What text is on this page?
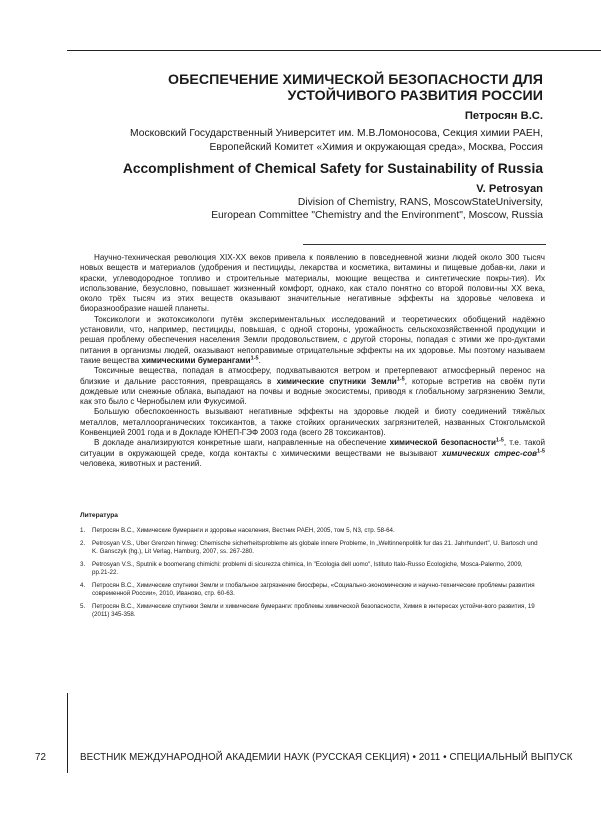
ОБЕСПЕЧЕНИЕ ХИМИЧЕСКОЙ БЕЗОПАСНОСТИ ДЛЯ УСТОЙЧИВОГО РАЗВИТИЯ РОССИИ
Петросян В.С.
Московский Государственный Университет им. М.В.Ломоносова, Секция химии РАЕН,
Европейский Комитет «Химия и окружающая среда», Москва, Россия
Accomplishment of Chemical Safety for Sustainability of Russia
V. Petrosyan
Division of Chemistry, RANS, MoscowStateUniversity,
European Committee "Chemistry and the Environment", Moscow, Russia

Научно-техническая революция XIX-XX веков привела к появлению в повседневной жизни людей около 300 тысяч новых веществ и материалов (удобрения и пестициды, лекарства и косметика, витамины и пищевые добав-ки, лаки и краски, углеводородное топливо и строительные материалы, моющие вещества и синтетические покры-тия). Их использование, безусловно, повышает жизненный комфорт, однако, как стало понятно со второй полови-ны XX века, около трёх тысяч из этих веществ оказывают значительные негативные эффекты на здоровье человека и биоразнообразие нашей планеты.

Токсикологи и экотоксикологи путём экспериментальных исследований и теоретических обобщений надёжно установили, что, например, пестициды, повышая, с одной стороны, урожайность сельскохозяйственной продукции и решая проблему обеспечения населения Земли продовольствием, с другой стороны, попадая с этими же про-дуктами питания в организмы людей, оказывают непоправимые отрицательные эффекты на их здоровье. Мы поэтому называем такие вещества химическими бумерангами$^{1-5}$.

Токсичные вещества, попадая в атмосферу, подхватываются ветром и претерпевают атмосферный перенос на близкие и дальние расстояния, превращаясь в химические спутники Земли$^{1-5}$, которые встретив на своём пути дождевые или снежные облака, выпадают на почвы и водные экосистемы, приводя к глобальному загрязнению Земли, как это было с Чернобылем или Фукусимой.

Большую обеспокоенность вызывают негативные эффекты на здоровье людей и биоту соединений тяжёлых металлов, металлоорганических токсикантов, а также стойких органических загрязнителей, названных Стокгольмской Конвенцией 2001 года и в Докладе ЮНЕП-ГЭФ 2003 года (всего 28 токсикантов).

В докладе анализируются конкретные шаги, направленные на обеспечение химической безопасности$^{1-5}$, т.е. такой ситуации в окружающей среде, когда контакты с химическими веществами не вызывают химических стрес-сов$^{1-5}$ человека, животных и растений.

Литература
1.	Петросян В.С., Химические бумеранги и здоровье населения, Вестник РАЕН, 2005, том 5, N3, стр. 58-64.
2.	Petrosyan V.S., Uber Grenzen hinweg: Chemische sicherheitsprobleme als globale innere Probleme, In „Weltinnenpolitik fur das 21. Jahrhundert", U. Bartosch und K. Gansczyk (hg.), Lit Verlag, Hamburg, 2007, ss. 267-280.
3.	Petrosyan V.S., Sputnik e boomerang chimichi: problemi di sicurezza chimica, In "Ecologia dell uomo", Istituto Italo-Russo Ecologiche, Mosca-Palermo, 2009, pp.21-22.
4.	Петросян В.С., Химические спутники Земли и глобальное загрязнение биосферы, «Социально-экономические и научно-технические проблемы развития современной России», 2010, Иваново, стр. 60-63.
5.	Петросян В.С., Химические спутники Земли и химические бумеранги: проблемы химической безопасности, Химия в интересах устойчи-вого развития, 19 (2011) 345-358.
72	ВЕСТНИК МЕЖДУНАРОДНОЙ АКАДЕМИИ НАУК (РУССКАЯ СЕКЦИЯ) • 2011 • СПЕЦИАЛЬНЫЙ ВЫПУСК
